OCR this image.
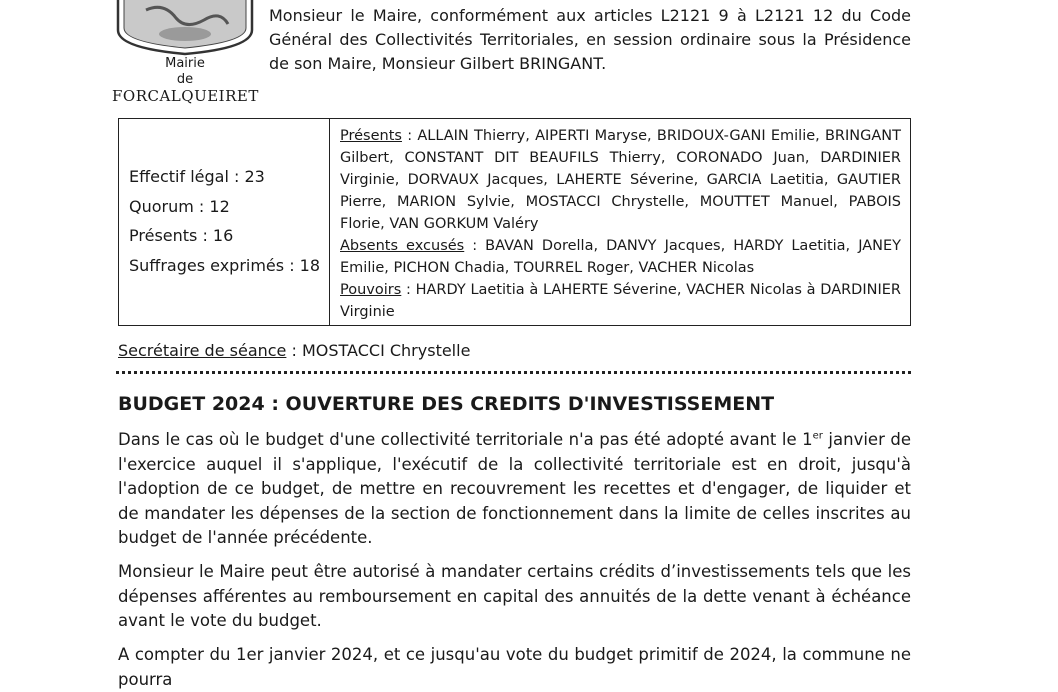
Mairie
de
FORCALQUEIRET
Monsieur le Maire, conformément aux articles L2121 9 à L2121 12 du Code Général des Collectivités Territoriales, en session ordinaire sous la Présidence de son Maire, Monsieur Gilbert BRINGANT.
Effectif légal : 23
Quorum : 12
Présents : 16
Suffrages exprimés : 18

Présents : ALLAIN Thierry, AIPERTI Maryse, BRIDOUX-GANI Emilie, BRINGANT Gilbert, CONSTANT DIT BEAUFILS Thierry, CORONADO Juan, DARDINIER Virginie, DORVAUX Jacques, LAHERTE Séverine, GARCIA Laetitia, GAUTIER Pierre, MARION Sylvie, MOSTACCI Chrystelle, MOUTTET Manuel, PABOIS Florie, VAN GORKUM Valéry

Absents excusés : BAVAN Dorella, DANVY Jacques, HARDY Laetitia, JANEY Emilie, PICHON Chadia, TOURREL Roger, VACHER Nicolas

Pouvoirs : HARDY Laetitia à LAHERTE Séverine, VACHER Nicolas à DARDINIER Virginie

Secrétaire de séance : MOSTACCI Chrystelle
BUDGET 2024 : OUVERTURE DES CREDITS D'INVESTISSEMENT

Dans le cas où le budget d'une collectivité territoriale n'a pas été adopté avant le 1er janvier de l'exercice auquel il s'applique, l'exécutif de la collectivité territoriale est en droit, jusqu'à l'adoption de ce budget, de mettre en recouvrement les recettes et d'engager, de liquider et de mandater les dépenses de la section de fonctionnement dans la limite de celles inscrites au budget de l'année précédente.

Monsieur le Maire peut être autorisé à mandater certains crédits d’investissements tels que les dépenses afférentes au remboursement en capital des annuités de la dette venant à échéance avant le vote du budget.

A compter du 1er janvier 2024, et ce jusqu'au vote du budget primitif de 2024, la commune ne pourra
